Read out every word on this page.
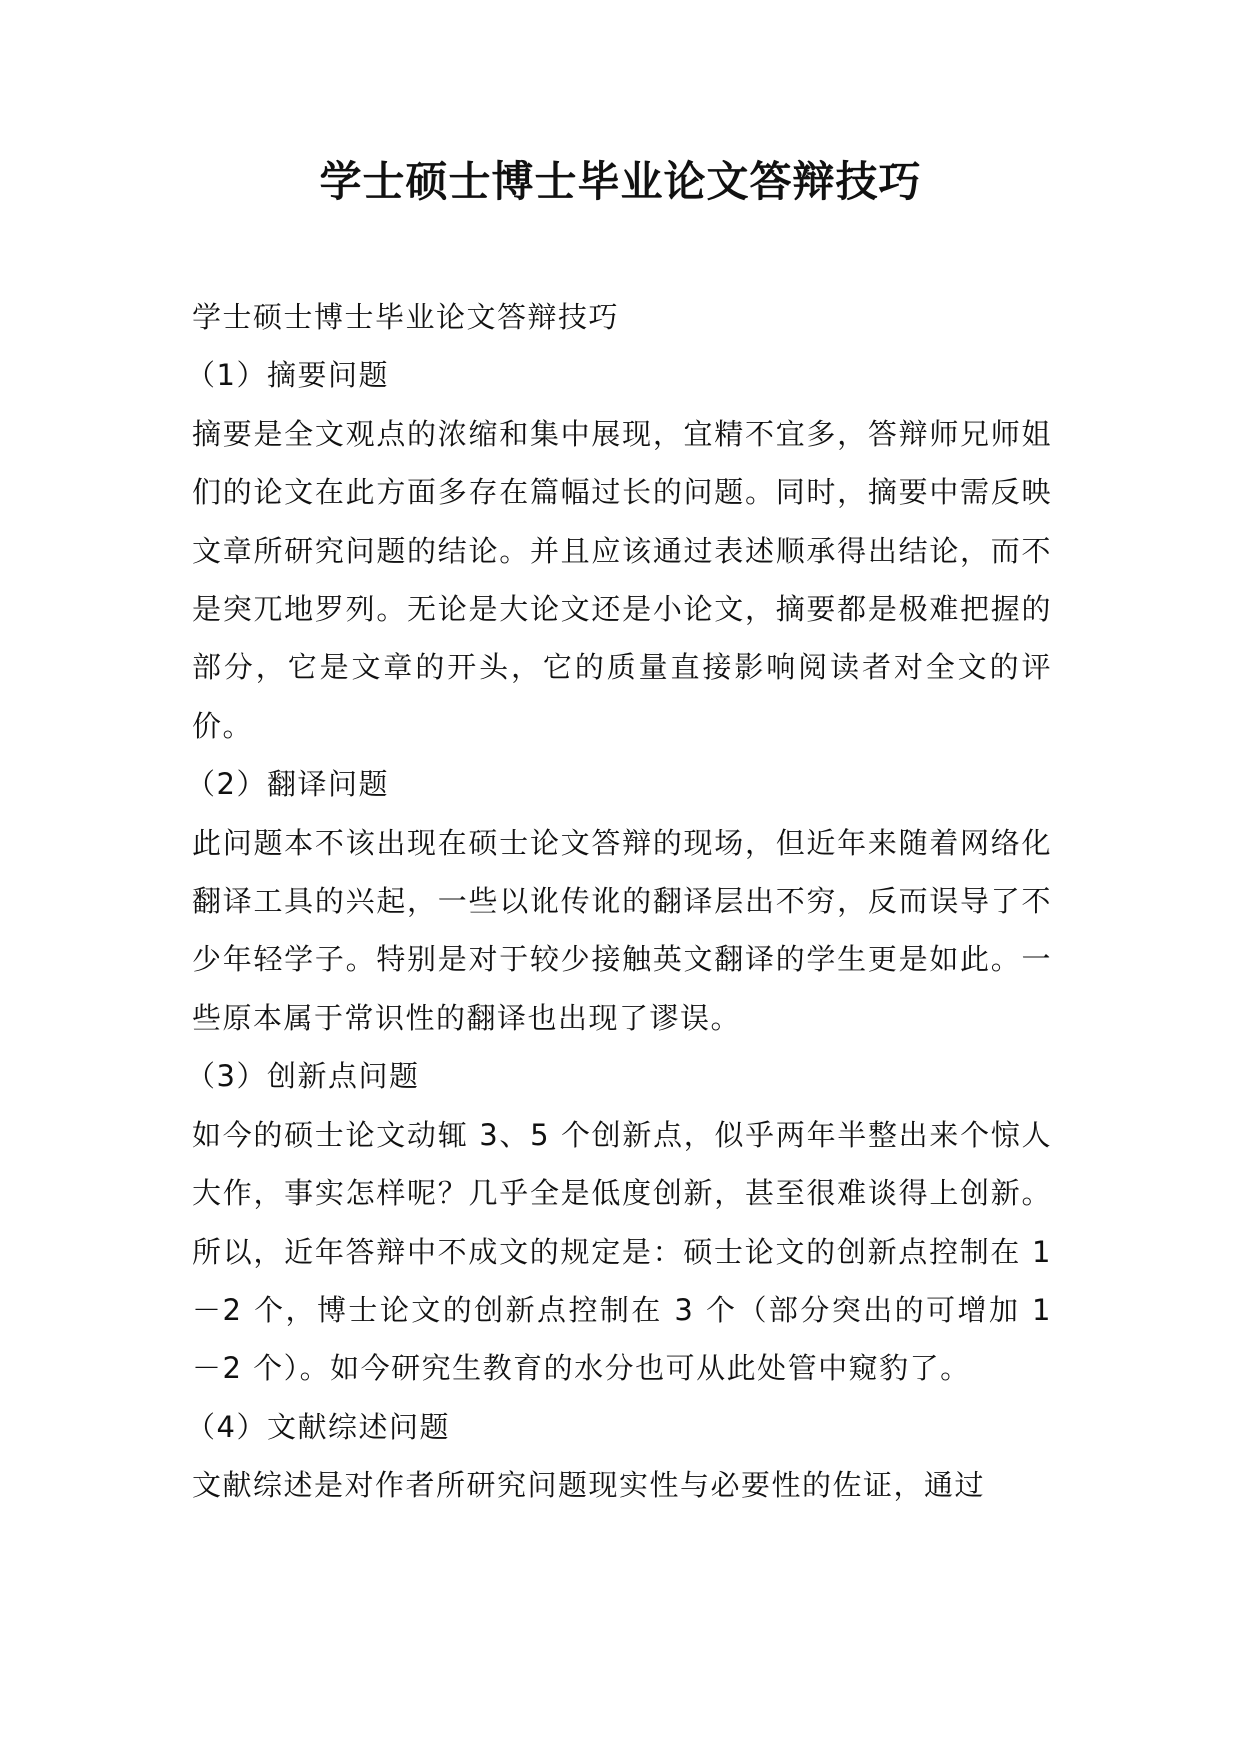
学士硕士博士毕业论文答辩技巧

学士硕士博士毕业论文答辩技巧

（1）摘要问题

摘要是全文观点的浓缩和集中展现，宜精不宜多，答辩师兄师姐们的论文在此方面多存在篇幅过长的问题。同时，摘要中需反映文章所研究问题的结论。并且应该通过表述顺承得出结论，而不是突兀地罗列。无论是大论文还是小论文，摘要都是极难把握的部分，它是文章的开头，它的质量直接影响阅读者对全文的评价。

（2）翻译问题

此问题本不该出现在硕士论文答辩的现场，但近年来随着网络化翻译工具的兴起，一些以讹传讹的翻译层出不穷，反而误导了不少年轻学子。特别是对于较少接触英文翻译的学生更是如此。一些原本属于常识性的翻译也出现了谬误。

（3）创新点问题

如今的硕士论文动辄 3、5 个创新点，似乎两年半整出来个惊人大作，事实怎样呢？几乎全是低度创新，甚至很难谈得上创新。所以，近年答辩中不成文的规定是：硕士论文的创新点控制在 1－2 个，博士论文的创新点控制在 3 个（部分突出的可增加 1－2 个）。如今研究生教育的水分也可从此处管中窥豹了。

（4）文献综述问题

文献综述是对作者所研究问题现实性与必要性的佐证，通过
